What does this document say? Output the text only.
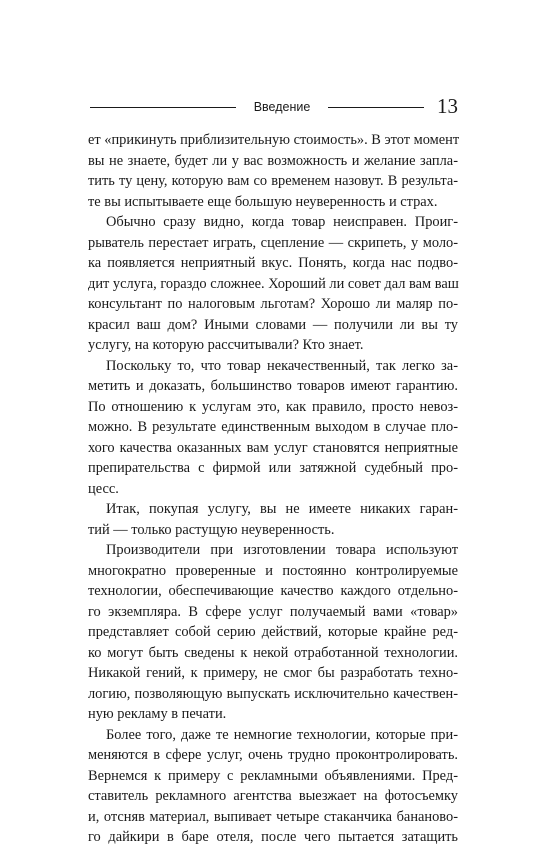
Введение	13
ет «прикинуть приблизительную стоимость». В этот момент
вы не знаете, будет ли у вас возможность и желание запла-
тить ту цену, которую вам со временем назовут. В результа-
те вы испытываете еще большую неуверенность и страх.
Обычно сразу видно, когда товар неисправен. Проиг-
рыватель перестает играть, сцепление — скрипеть, у моло-
ка появляется неприятный вкус. Понять, когда нас подво-
дит услуга, гораздо сложнее. Хороший ли совет дал вам ваш
консультант по налоговым льготам? Хорошо ли маляр по-
красил ваш дом? Иными словами — получили ли вы ту
услугу, на которую рассчитывали? Кто знает.
Поскольку то, что товар некачественный, так легко за-
метить и доказать, большинство товаров имеют гарантию.
По отношению к услугам это, как правило, просто невоз-
можно. В результате единственным выходом в случае пло-
хого качества оказанных вам услуг становятся неприятные
препирательства с фирмой или затяжной судебный про-
цесс.
Итак, покупая услугу, вы не имеете никаких гаран-
тий — только растущую неуверенность.
Производители при изготовлении товара используют
многократно проверенные и постоянно контролируемые
технологии, обеспечивающие качество каждого отдельно-
го экземпляра. В сфере услуг получаемый вами «товар»
представляет собой серию действий, которые крайне ред-
ко могут быть сведены к некой отработанной технологии.
Никакой гений, к примеру, не смог бы разработать техно-
логию, позволяющую выпускать исключительно качествен-
ную рекламу в печати.
Более того, даже те немногие технологии, которые при-
меняются в сфере услуг, очень трудно проконтролировать.
Вернемся к примеру с рекламными объявлениями. Пред-
ставитель рекламного агентства выезжает на фотосъемку
и, отсняв материал, выпивает четыре стаканчика бананово-
го дайкири в баре отеля, после чего пытается затащить
